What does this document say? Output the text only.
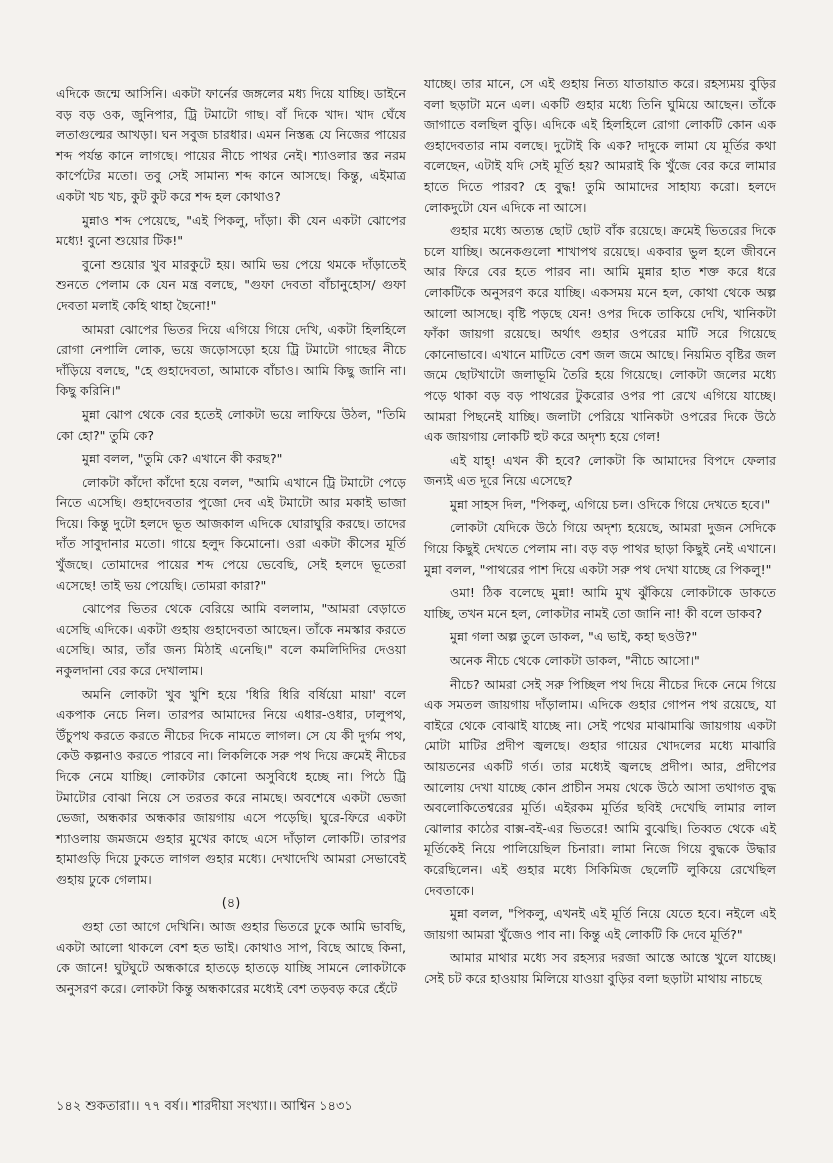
এদিকে জন্মে আসিনি। একটা ফার্নের জঙ্গলের মধ্য দিয়ে যাচ্ছি। ডাইনে বড় বড় ওক, জুনিপার, ট্রি টমাটো গাছ। বাঁ দিকে খাদ। খাদ ঘেঁষে লতাগুল্মের আখড়া। ঘন সবুজ চারধার। এমন নিস্তব্ধ যে নিজের পায়ের শব্দ পর্যন্ত কানে লাগছে। পায়ের নীচে পাথর নেই। শ্যাওলার স্তর নরম কার্পেটের মতো। তবু সেই সামান্য শব্দ কানে আসছে। কিন্তু, এইমাত্র একটা খচ খচ, কুট কুট করে শব্দ হল কোথাও?

মুন্নাও শব্দ পেয়েছে, "এই পিকলু, দাঁড়া। কী যেন একটা ঝোপের মধ্যে! বুনো শুয়োর টিক!"

বুনো শুয়োর খুব মারকুটে হয়। আমি ভয় পেয়ে থমকে দাঁড়াতেই শুনতে পেলাম কে যেন মন্ত্র বলছে, "গুফা দেবতা বাঁচানুহোস/ গুফা দেবতা মলাই কেহি থাহা ছৈনো!"

আমরা ঝোপের ভিতর দিয়ে এগিয়ে গিয়ে দেখি, একটা হিলহিলে রোগা নেপালি লোক, ভয়ে জড়োসড়ো হয়ে ট্রি টমাটো গাছের নীচে দাঁড়িয়ে বলছে, "হে গুহাদেবতা, আমাকে বাঁচাও। আমি কিছু জানি না। কিছু করিনি।"

মুন্না ঝোপ থেকে বের হতেই লোকটা ভয়ে লাফিয়ে উঠল, "তিমি কো হো?" তুমি কে?

মুন্না বলল, "তুমি কে? এখানে কী করছ?"

লোকটা কাঁদো কাঁদো হয়ে বলল, "আমি এখানে ট্রি টমাটো পেড়ে নিতে এসেছি। গুহাদেবতার পুজো দেব এই টমাটো আর মকাই ভাজা দিয়ে। কিন্তু দুটো হলদে ভূত আজকাল এদিকে ঘোরাঘুরি করছে। তাদের দাঁত সাবুদানার মতো। গায়ে হলুদ কিমোনো। ওরা একটা কীসের মূর্তি খুঁজছে। তোমাদের পায়ের শব্দ পেয়ে ভেবেছি, সেই হলদে ভূতেরা এসেছে! তাই ভয় পেয়েছি। তোমরা কারা?"

ঝোপের ভিতর থেকে বেরিয়ে আমি বললাম, "আমরা বেড়াতে এসেছি এদিকে। একটা গুহায় গুহাদেবতা আছেন। তাঁকে নমস্কার করতে এসেছি। আর, তাঁর জন্য মিঠাই এনেছি।" বলে কমলিদিদির দেওয়া নকুলদানা বের করে দেখালাম।

অমনি লোকটা খুব খুশি হয়ে 'ধিরি ধিরি বর্ষিয়ো মায়া' বলে একপাক নেচে নিল। তারপর আমাদের নিয়ে এধার-ওধার, ঢালুপথ, উঁচুপথ করতে করতে নীচের দিকে নামতে লাগল। সে যে কী দুর্গম পথ, কেউ কল্পনাও করতে পারবে না। লিকলিকে সরু পথ দিয়ে ক্রমেই নীচের দিকে নেমে যাচ্ছি। লোকটার কোনো অসুবিধে হচ্ছে না। পিঠে ট্রি টমাটোর বোঝা নিয়ে সে তরতর করে নামছে। অবশেষে একটা ভেজা ভেজা, অন্ধকার অন্ধকার জায়গায় এসে পড়েছি। ঘুরে-ফিরে একটা শ্যাওলায় জমজমে গুহার মুখের কাছে এসে দাঁড়াল লোকটি। তারপর হামাগুড়ি দিয়ে ঢুকতে লাগল গুহার মধ্যে। দেখাদেখি আমরা সেভাবেই গুহায় ঢুকে গেলাম।

(৪)

গুহা তো আগে দেখিনি। আজ গুহার ভিতরে ঢুকে আমি ভাবছি, একটা আলো থাকলে বেশ হত ভাই। কোথাও সাপ, বিছে আছে কিনা, কে জানে! ঘুটঘুটে অন্ধকারে হাতড়ে হাতড়ে যাচ্ছি সামনে লোকটাকে অনুসরণ করে। লোকটা কিন্তু অন্ধকারের মধ্যেই বেশ তড়বড় করে হেঁটে

যাচ্ছে। তার মানে, সে এই গুহায় নিত্য যাতায়াত করে। রহস্যময় বুড়ির বলা ছড়াটা মনে এল। একটি গুহার মধ্যে তিনি ঘুমিয়ে আছেন। তাঁকে জাগাতে বলছিল বুড়ি। এদিকে এই হিলহিলে রোগা লোকটি কোন এক গুহাদেবতার নাম বলছে। দুটোই কি এক? দাদুকে লামা যে মূর্তির কথা বলেছেন, এটাই যদি সেই মূর্তি হয়? আমরাই কি খুঁজে বের করে লামার হাতে দিতে পারব? হে বুদ্ধ! তুমি আমাদের সাহায্য করো। হলদে লোকদুটো যেন এদিকে না আসে।

গুহার মধ্যে অত্যন্ত ছোট ছোট বাঁক রয়েছে। ক্রমেই ভিতরের দিকে চলে যাচ্ছি। অনেকগুলো শাখাপথ রয়েছে। একবার ভুল হলে জীবনে আর ফিরে বের হতে পারব না। আমি মুন্নার হাত শক্ত করে ধরে লোকটিকে অনুসরণ করে যাচ্ছি। একসময় মনে হল, কোথা থেকে অল্প আলো আসছে। বৃষ্টি পড়ছে যেন! ওপর দিকে তাকিয়ে দেখি, খানিকটা ফাঁকা জায়গা রয়েছে। অর্থাৎ গুহার ওপরের মাটি সরে গিয়েছে কোনোভাবে। এখানে মাটিতে বেশ জল জমে আছে। নিয়মিত বৃষ্টির জল জমে ছোটখাটো জলাভূমি তৈরি হয়ে গিয়েছে। লোকটা জলের মধ্যে পড়ে থাকা বড় বড় পাথরের টুকরোর ওপর পা রেখে এগিয়ে যাচ্ছে। আমরা পিছনেই যাচ্ছি। জলাটা পেরিয়ে খানিকটা ওপরের দিকে উঠে এক জায়গায় লোকটি হুট করে অদৃশ্য হয়ে গেল!

এই যাহ্! এখন কী হবে? লোকটা কি আমাদের বিপদে ফেলার জন্যই এত দূরে নিয়ে এসেছে?

মুন্না সাহস দিল, "পিকলু, এগিয়ে চল। ওদিকে গিয়ে দেখতে হবে।"

লোকটা যেদিকে উঠে গিয়ে অদৃশ্য হয়েছে, আমরা দুজন সেদিকে গিয়ে কিছুই দেখতে পেলাম না। বড় বড় পাথর ছাড়া কিছুই নেই এখানে। মুন্না বলল, "পাথরের পাশ দিয়ে একটা সরু পথ দেখা যাচ্ছে রে পিকলু!"

ওমা! ঠিক বলেছে মুন্না! আমি মুখ ঝুঁকিয়ে লোকটাকে ডাকতে যাচ্ছি, তখন মনে হল, লোকটার নামই তো জানি না! কী বলে ডাকব?

মুন্না গলা অল্প তুলে ডাকল, "এ ভাই, কহা ছওউ?"

অনেক নীচে থেকে লোকটা ডাকল, "নীচে আসো।"

নীচে? আমরা সেই সরু পিচ্ছিল পথ দিয়ে নীচের দিকে নেমে গিয়ে এক সমতল জায়গায় দাঁড়ালাম। এদিকে গুহার গোপন পথ রয়েছে, যা বাইরে থেকে বোঝাই যাচ্ছে না। সেই পথের মাঝামাঝি জায়গায় একটা মোটা মাটির প্রদীপ জ্বলছে। গুহার গায়ের খোদলের মধ্যে মাঝারি আয়তনের একটি গর্ত। তার মধ্যেই জ্বলছে প্রদীপ। আর, প্রদীপের আলোয় দেখা যাচ্ছে কোন প্রাচীন সময় থেকে উঠে আসা তথাগত বুদ্ধ অবলোকিতেশ্বরের মূর্তি। এইরকম মূর্তির ছবিই দেখেছি লামার লাল ঝোলার কাঠের বাক্স-বই-এর ভিতরে! আমি বুঝেছি। তিব্বত থেকে এই মূর্তিকেই নিয়ে পালিয়েছিল চিনারা। লামা নিজে গিয়ে বুদ্ধকে উদ্ধার করেছিলেন। এই গুহার মধ্যে সিকিমিজ ছেলেটি লুকিয়ে রেখেছিল দেবতাকে।

মুন্না বলল, "পিকলু, এখনই এই মূর্তি নিয়ে যেতে হবে। নইলে এই জায়গা আমরা খুঁজেও পাব না। কিন্তু এই লোকটি কি দেবে মূর্তি?"

আমার মাথার মধ্যে সব রহস্যর দরজা আস্তে আস্তে খুলে যাচ্ছে। সেই চট করে হাওয়ায় মিলিয়ে যাওয়া বুড়ির বলা ছড়াটা মাথায় নাচছে

১৪২ শুকতারা।। ৭৭ বর্ষ।। শারদীয়া সংখ্যা।। আশ্বিন ১৪৩১
